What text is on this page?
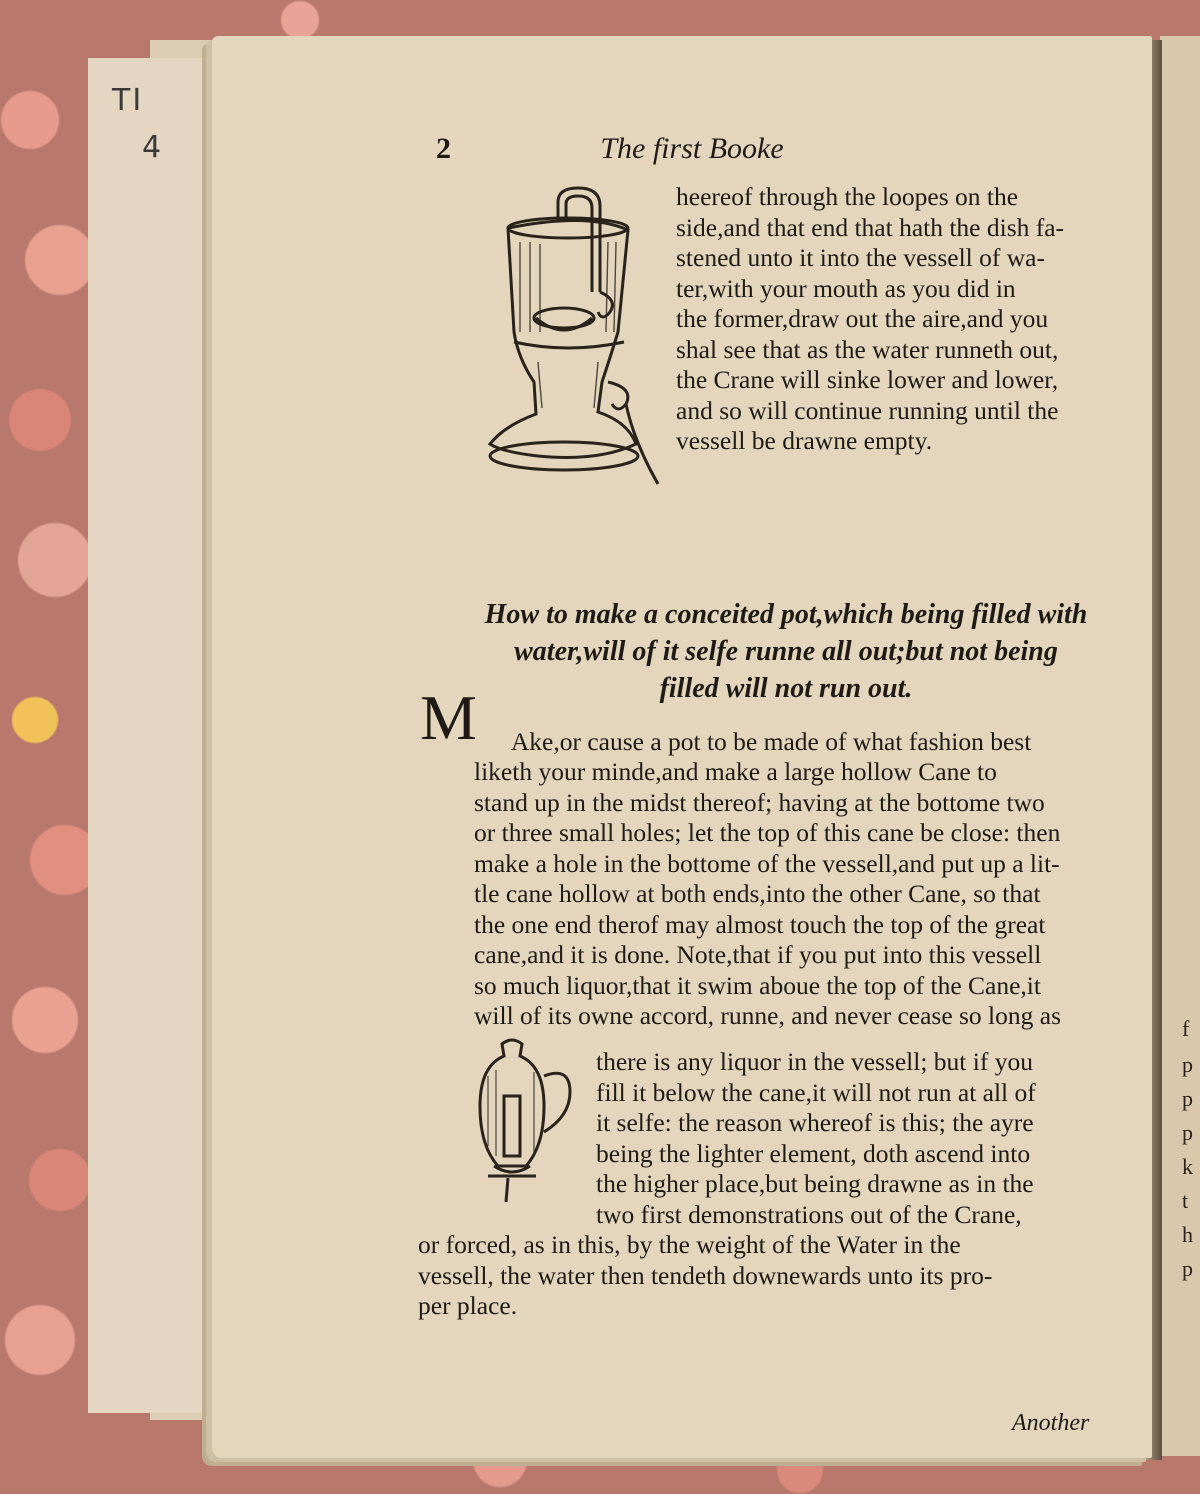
TI
4
f
p
p
p
k
t
h
p
2	The first Booke
heereof through the loopes on the
side,and that end that hath the dish fa-
stened unto it into the vessell of wa-
ter,with your mouth as you did in
the former,draw out the aire,and you
shal see that as the water runneth out,
the Crane will sinke lower and lower,
and so will continue running until the
vessell be drawne empty.
How to make a conceited pot,which being filled with
water,will of it selfe runne all out;but not being
filled will not run out.
M	Ake,or cause a pot to be made of what fashion best
liketh your minde,and make a large hollow Cane to
stand up in the midst thereof; having at the bottome two
or three small holes; let the top of this cane be close: then
make a hole in the bottome of the vessell,and put up a lit-
tle cane hollow at both ends,into the other Cane, so that
the one end therof may almost touch the top of the great
cane,and it is done. Note,that if you put into this vessell
so much liquor,that it swim aboue the top of the Cane,it
will of its owne accord, runne, and never cease so long as

there is any liquor in the vessell; but if you
fill it below the cane,it will not run at all of
it selfe: the reason whereof is this; the ayre
being the lighter element, doth ascend into
the higher place,but being drawne as in the
two first demonstrations out of the Crane,
or forced, as in this, by the weight of the Water in the
vessell, the water then tendeth downewards unto its pro-
per place.
Another
